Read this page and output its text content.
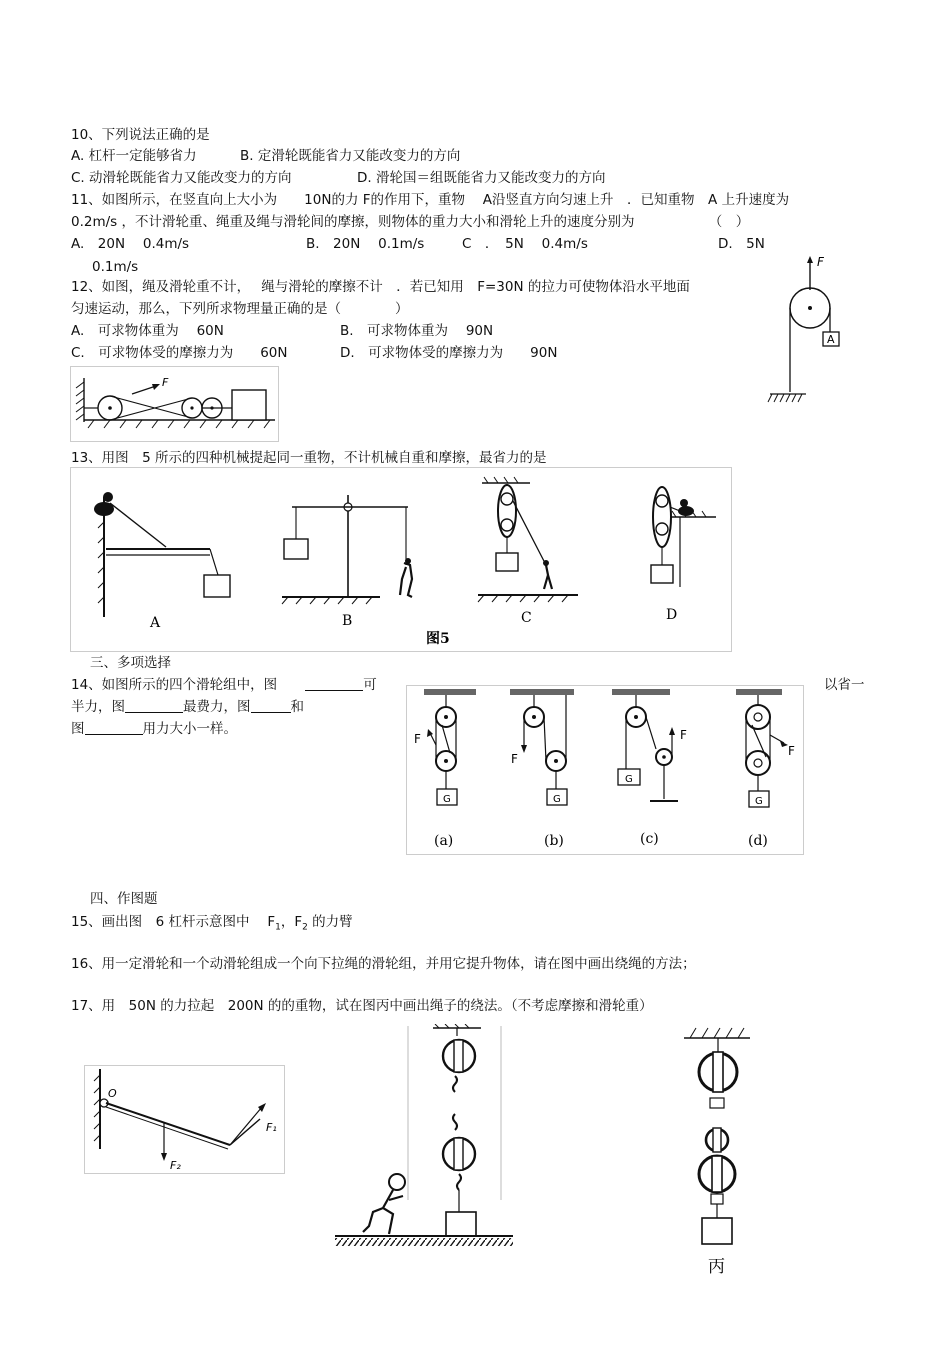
10、下列说法正确的是
A. 杠杆一定能够省力	B. 定滑轮既能省力又能改变力的方向
C. 动滑轮既能省力又能改变力的方向	D. 滑轮国＝组既能省力又能改变力的方向
11、如图所示，在竖直向上大小为　　10N的力 F的作用下，重物　 A沿竖直方向匀速上升　．已知重物　A 上升速度为
0.2m/s ，不计滑轮重、绳重及绳与滑轮间的摩擦，则物体的重力大小和滑轮上升的速度分别为　　　　　　（　）
A.　20N　 0.4m/s	B.　20N　 0.1m/s	C　．　5N　 0.4m/s	D.　5N
0.1m/s	F
A
12、如图，绳及滑轮重不计，　 绳与滑轮的摩擦不计　．若已知用　F=30N 的拉力可使物体沿水平地面
匀速运动，那么，下列所求物理量正确的是（　　　　）
A.　可求物体重为　 60N	B.　可求物体重为　 90N
C.　可求物体受的摩擦力为　　60N	D.　可求物体受的摩擦力为　　90N
F
13、用图　5 所示的四种机械提起同一重物，不计机械自重和摩擦，最省力的是
A	B	C	D
图5
三、多项选择
14、如图所示的四个滑轮组中，图	可	以省一
半力，图	最费力，图	和
图	用力大小一样。
F
F
F
F
G	G
G
G
(a)	(b)	(c)	(d)
四、作图题
15、画出图　6 杠杆示意图中　 $F_1$，$F_2$ 的力臂
16、用一定滑轮和一个动滑轮组成一个向下拉绳的滑轮组，并用它提升物体，请在图中画出绕绳的方法；
17、用　50N 的力拉起　200N 的的重物，试在图丙中画出绳子的绕法。（不考虑摩擦和滑轮重）
O
F₁
F₂
丙
